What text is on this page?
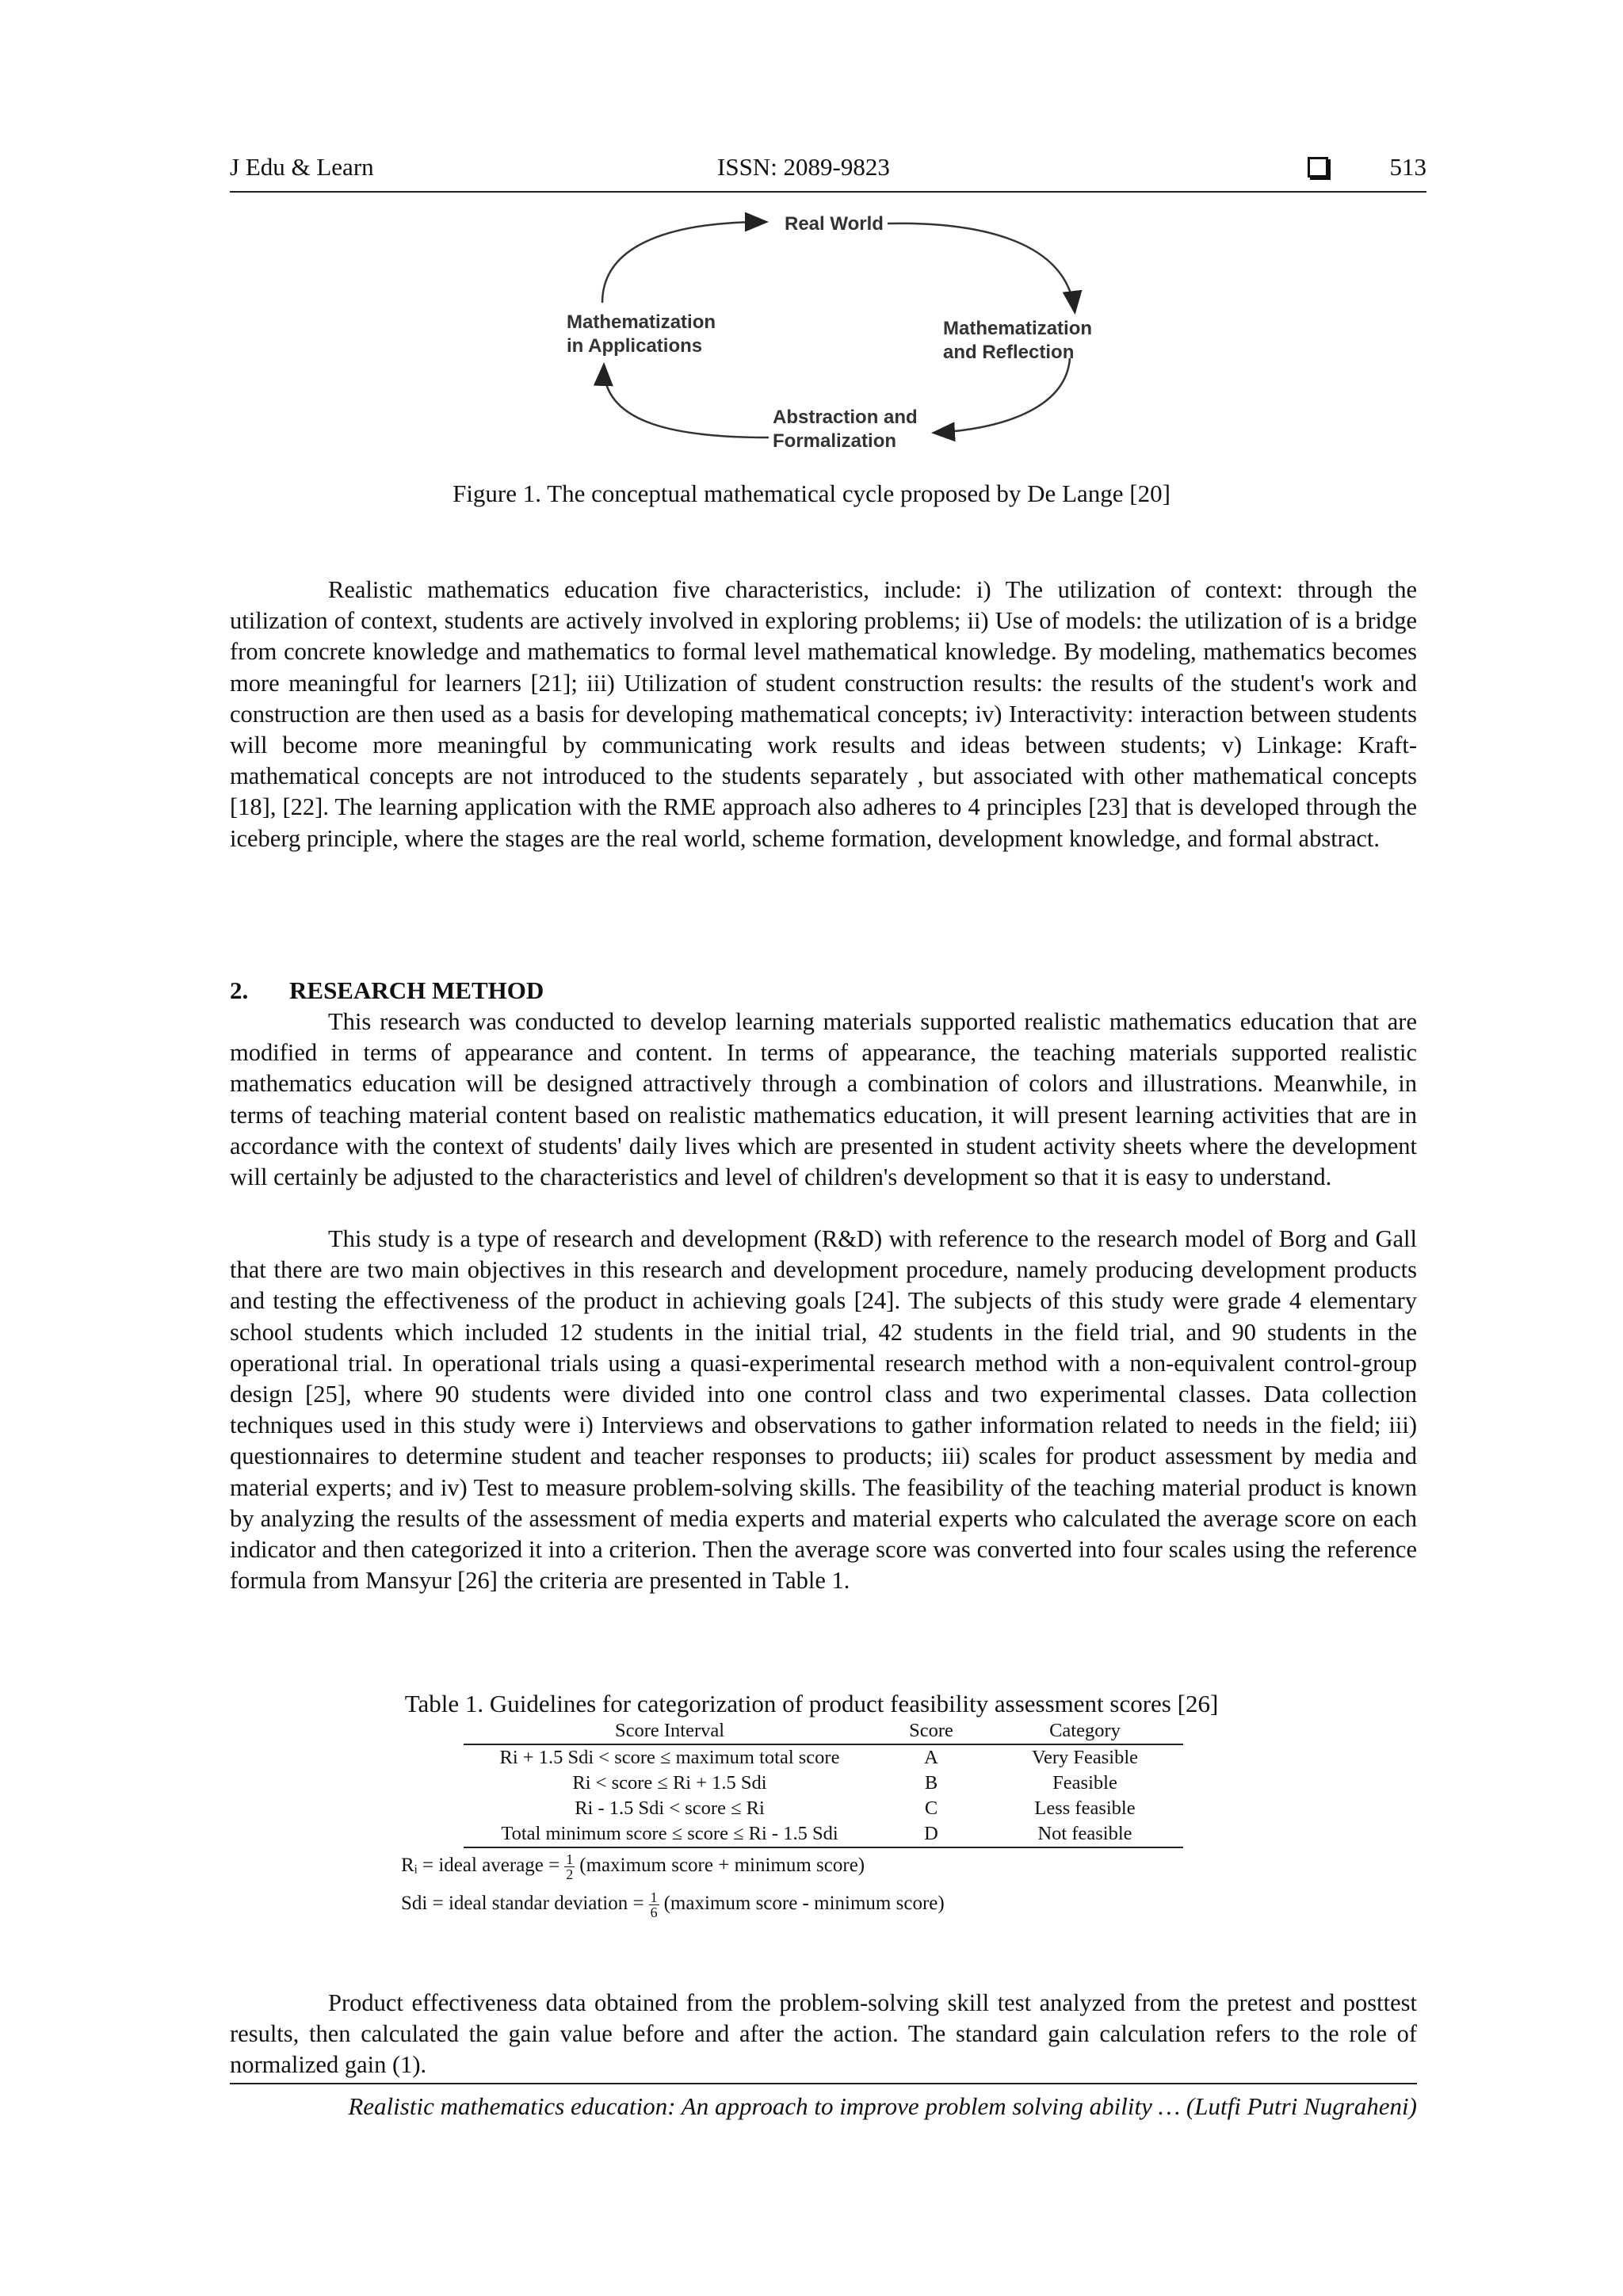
J Edu & Learn	ISSN: 2089-9823	513
Real World
Mathematization
and Reflection
Abstraction and
Formalization
Mathematization
in Applications
Figure 1. The conceptual mathematical cycle proposed by De Lange [20]

Realistic mathematics education five characteristics, include: i) The utilization of context: through the utilization of context, students are actively involved in exploring problems; ii) Use of models: the utilization of is a bridge from concrete knowledge and mathematics to formal level mathematical knowledge. By modeling, mathematics becomes more meaningful for learners [21]; iii) Utilization of student construction results: the results of the student's work and construction are then used as a basis for developing mathematical concepts; iv) Interactivity: interaction between students will become more meaningful by communicating work results and ideas between students; v) Linkage: Kraft-mathematical concepts are not introduced to the students separately , but associated with other mathematical concepts [18], [22]. The learning application with the RME approach also adheres to 4 principles [23] that is developed through the iceberg principle, where the stages are the real world, scheme formation, development knowledge, and formal abstract.

2. RESEARCH METHOD

This research was conducted to develop learning materials supported realistic mathematics education that are modified in terms of appearance and content. In terms of appearance, the teaching materials supported realistic mathematics education will be designed attractively through a combination of colors and illustrations. Meanwhile, in terms of teaching material content based on realistic mathematics education, it will present learning activities that are in accordance with the context of students' daily lives which are presented in student activity sheets where the development will certainly be adjusted to the characteristics and level of children's development so that it is easy to understand.

This study is a type of research and development (R&D) with reference to the research model of Borg and Gall that there are two main objectives in this research and development procedure, namely producing development products and testing the effectiveness of the product in achieving goals [24]. The subjects of this study were grade 4 elementary school students which included 12 students in the initial trial, 42 students in the field trial, and 90 students in the operational trial. In operational trials using a quasi-experimental research method with a non-equivalent control-group design [25], where 90 students were divided into one control class and two experimental classes. Data collection techniques used in this study were i) Interviews and observations to gather information related to needs in the field; iii) questionnaires to determine student and teacher responses to products; iii) scales for product assessment by media and material experts; and iv) Test to measure problem-solving skills. The feasibility of the teaching material product is known by analyzing the results of the assessment of media experts and material experts who calculated the average score on each indicator and then categorized it into a criterion. Then the average score was converted into four scales using the reference formula from Mansyur [26] the criteria are presented in Table 1.

Table 1. Guidelines for categorization of product feasibility assessment scores [26]
Score Interval	Score	Category
Ri + 1.5 Sdi < score ≤ maximum total score	A	Very Feasible
Ri < score ≤ Ri + 1.5 Sdi	B	Feasible
Ri - 1.5 Sdi < score ≤ Ri	C	Less feasible
Total minimum score ≤ score ≤ Ri - 1.5 Sdi	D	Not feasible
Rᵢ = ideal average = $\frac{1}{2}$ (maximum score + minimum score)
Sdi = ideal standar deviation = $\frac{1}{6}$ (maximum score - minimum score)

Product effectiveness data obtained from the problem-solving skill test analyzed from the pretest and posttest results, then calculated the gain value before and after the action. The standard gain calculation refers to the role of normalized gain (1).

Realistic mathematics education: An approach to improve problem solving ability … (Lutfi Putri Nugraheni)
